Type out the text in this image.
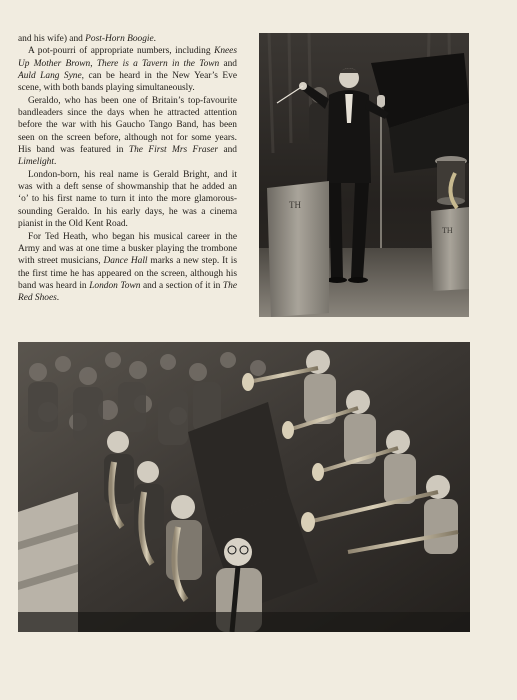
and his wife) and Post-Horn Boogie.

A pot-pourri of appropriate numbers, including Knees Up Mother Brown, There is a Tavern in the Town and Auld Lang Syne, can be heard in the New Year’s Eve scene, with both bands playing simultaneously.

Geraldo, who has been one of Britain’s top-favourite bandleaders since the days when he attracted attention before the war with his Gaucho Tango Band, has been seen on the screen before, although not for some years. His band was featured in The First Mrs Fraser and Limelight.

London-born, his real name is Gerald Bright, and it was with a deft sense of showmanship that he added an ‘o’ to his first name to turn it into the more glamorous-sounding Geraldo. In his early days, he was a cinema pianist in the Old Kent Road.

For Ted Heath, who began his musical career in the Army and was at one time a busker playing the trombone with street musicians, Dance Hall marks a new step. It is the first time he has appeared on the screen, although his band was heard in London Town and a section of it in The Red Shoes.

TH
TH
